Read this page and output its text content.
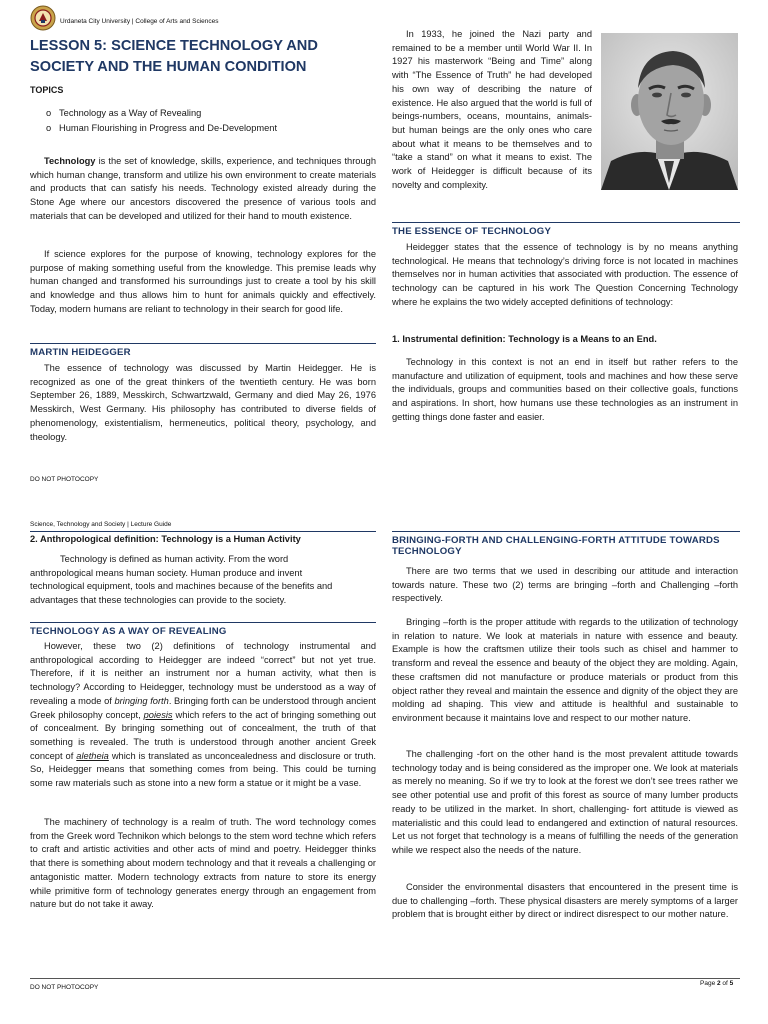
Urdaneta City University | College of Arts and Sciences
LESSON 5: SCIENCE TECHNOLOGY AND
SOCIETY AND THE HUMAN CONDITION
TOPICS
o Technology as a Way of Revealing
o Human Flourishing in Progress and De-Development
Technology is the set of knowledge, skills, experience, and techniques through which human change, transform and utilize his own environment to create materials and products that can satisfy his needs. Technology existed already during the Stone Age where our ancestors discovered the presence of various tools and materials that can be developed and utilized for their hand to mouth existence.
If science explores for the purpose of knowing, technology explores for the purpose of making something useful from the knowledge. This premise leads why human changed and transformed his surroundings just to create a tool by his skill and knowledge and thus allows him to hunt for animals quickly and effectively. Today, modern humans are reliant to technology in their search for good life.
MARTIN HEIDEGGER
The essence of technology was discussed by Martin Heidegger. He is recognized as one of the great thinkers of the twentieth century. He was born September 26, 1889, Messkirch, Schwartzwald, Germany and died May 26, 1976 Messkirch, West Germany. His philosophy has contributed to diverse fields of phenomenology, existentialism, hermeneutics, political theory, psychology, and theology.
In 1933, he joined the Nazi party and remained to be a member until World War II. In 1927 his masterwork “Being and Time” along with “The Essence of Truth” he had developed his own way of describing the nature of existence. He also argued that the world is full of beings-numbers, oceans, mountains, animals-but human beings are the only ones who care about what it means to be themselves and to “take a stand” on what it means to exist. The work of Heidegger is difficult because of its novelty and complexity.
THE ESSENCE OF TECHNOLOGY
Heidegger states that the essence of technology is by no means anything technological. He means that technology’s driving force is not located in machines themselves nor in human activities that associated with production. The essence of technology can be captured in his work The Question Concerning Technology where he explains the two widely accepted definitions of technology:
1. Instrumental definition: Technology is a Means to an End.
Technology in this context is not an end in itself but rather refers to the manufacture and utilization of equipment, tools and machines and how these serve the individuals, groups and communities based on their collective goals, functions and aspirations. In short, how humans use these technologies as an instrument in getting things done faster and easier.
DO NOT PHOTOCOPY
Science, Technology and Society | Lecture Guide
2. Anthropological definition: Technology is a Human Activity
Technology is defined as human activity. From the word anthropological means human society. Human produce and invent technological equipment, tools and machines because of the benefits and advantages that these technologies can provide to the society.
TECHNOLOGY AS A WAY OF REVEALING
However, these two (2) definitions of technology instrumental and anthropological according to Heidegger are indeed “correct” but not yet true. Therefore, if it is neither an instrument nor a human activity, what then is technology? According to Heidegger, technology must be understood as a way of revealing a mode of bringing forth. Bringing forth can be understood through ancient Greek philosophy concept, poiesis which refers to the act of bringing something out of concealment. By bringing something out of concealment, the truth of that something is revealed. The truth is understood through another ancient Greek concept of aletheia which is translated as unconcealedness and disclosure or truth. So, Heidegger means that something comes from being. This could be turning some raw materials such as stone into a new form a statue or it might be a vase.
The machinery of technology is a realm of truth. The word technology comes from the Greek word Technikon which belongs to the stem word techne which refers to craft and artistic activities and other acts of mind and poetry. Heidegger thinks that there is something about modern technology and that it reveals a challenging or antagonistic matter. Modern technology extracts from nature to store its energy while primitive form of technology generates energy through an engagement from nature but do not take it away.
BRINGING-FORTH AND CHALLENGING-FORTH ATTITUDE TOWARDS
TECHNOLOGY
There are two terms that we used in describing our attitude and interaction towards nature. These two (2) terms are bringing –forth and Challenging –forth respectively.
Bringing –forth is the proper attitude with regards to the utilization of technology in relation to nature. We look at materials in nature with essence and beauty. Example is how the craftsmen utilize their tools such as chisel and hammer to transform and reveal the essence and beauty of the object they are molding. Again, these craftsmen did not manufacture or produce materials or product from this object rather they reveal and maintain the essence and dignity of the object they are molding ad shaping. This view and attitude is healthful and sustainable to environment because it maintains love and respect to our mother nature.
The challenging -fort on the other hand is the most prevalent attitude towards technology today and is being considered as the improper one. We look at materials as merely no meaning. So if we try to look at the forest we don’t see trees rather we see other potential use and profit of this forest as source of many lumber products ready to be utilized in the market. In short, challenging- fort attitude is viewed as materialistic and this could lead to endangered and extinction of natural resources. Let us not forget that technology is a means of fulfilling the needs of the generation while we respect also the needs of the nature.
Consider the environmental disasters that encountered in the present time is due to challenging –forth. These physical disasters are merely symptoms of a larger problem that is brought either by direct or indirect disrespect to our mother nature.
DO NOT PHOTOCOPY
Page 2 of 5
